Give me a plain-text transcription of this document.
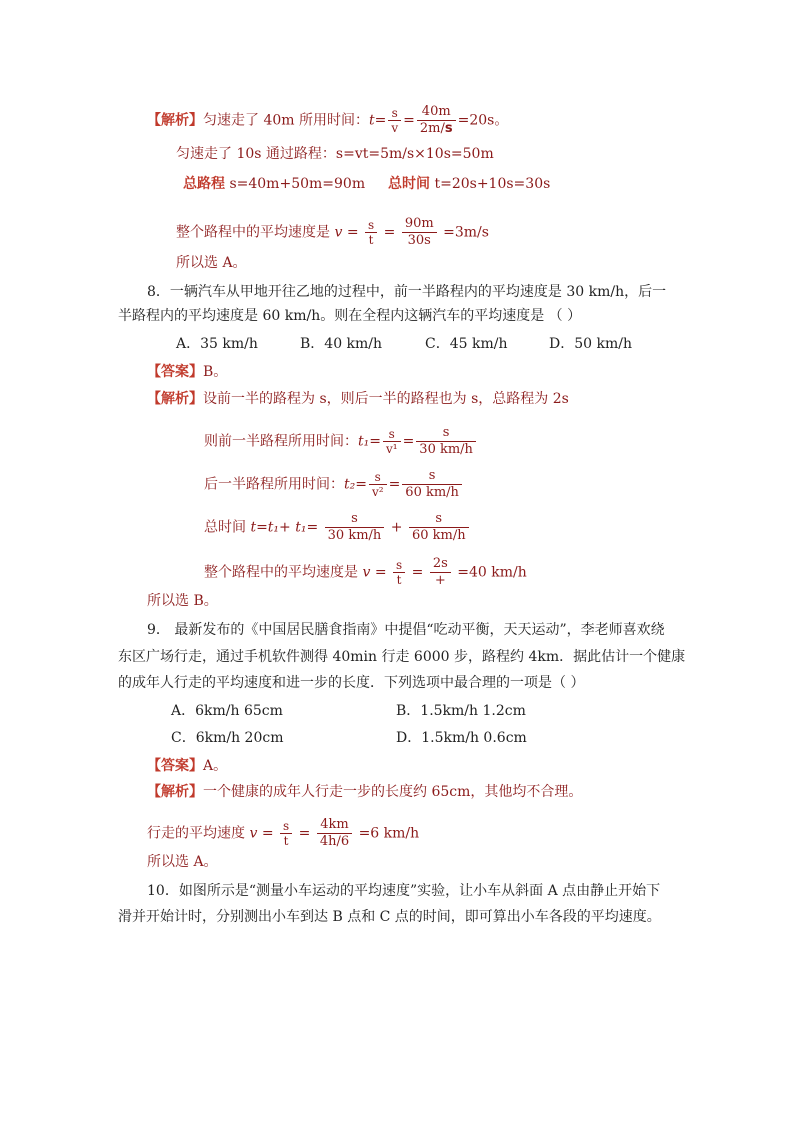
【解析】匀速走了 40m 所用时间：$t= \frac{s}{v} = \frac{40m}{2m/s} =20s$。
匀速走了 10s 通过路程：s=vt=5m/s×10s=50m
总路程 s=40m+50m=90m 总时间 t=20s+10s=30s
整个路程中的平均速度是 $v = \frac{s}{t} = \frac{90m}{30s} =3m/s$
所以选 A。
8．一辆汽车从甲地开往乙地的过程中，前一半路程内的平均速度是 30 km/h，后一
半路程内的平均速度是 60 km/h。则在全程内这辆汽车的平均速度是 （ ）
A．35 km/h	B．40 km/h	C．45 km/h	D．50 km/h
【答案】B。
【解析】设前一半的路程为 s，则后一半的路程也为 s，总路程为 2s
则前一半路程所用时间：$t_1= \frac{s}{\text{v¹}} = \frac{s}{30 km/h}$
后一半路程所用时间：$t_2= \frac{s}{\text{v²}} = \frac{s}{60 km/h}$
总时间 $t=t_1+ t_1= \frac{s}{30 km/h} + \frac{s}{60 km/h}$
整个路程中的平均速度是 $v = \frac{s}{t} = \frac{2s}{+} =40$ km/h
所以选 B。
9． 最新发布的《中国居民膳食指南》中提倡“吃动平衡，天天运动”，李老师喜欢绕
东区广场行走，通过手机软件测得 40min 行走 6000 步，路程约 4km．据此估计一个健康
的成年人行走的平均速度和进一步的长度．下列选项中最合理的一项是（ ）
A．6km/h 65cm	B．1.5km/h 1.2cm
C．6km/h 20cm	D．1.5km/h 0.6cm
【答案】A。
【解析】一个健康的成年人行走一步的长度约 65cm，其他均不合理。
行走的平均速度 $v = \frac{s}{t} = \frac{4km}{4h/6} =6$ km/h
所以选 A。
10．如图所示是“测量小车运动的平均速度”实验，让小车从斜面 A 点由静止开始下
滑并开始计时，分别测出小车到达 B 点和 C 点的时间，即可算出小车各段的平均速度。
